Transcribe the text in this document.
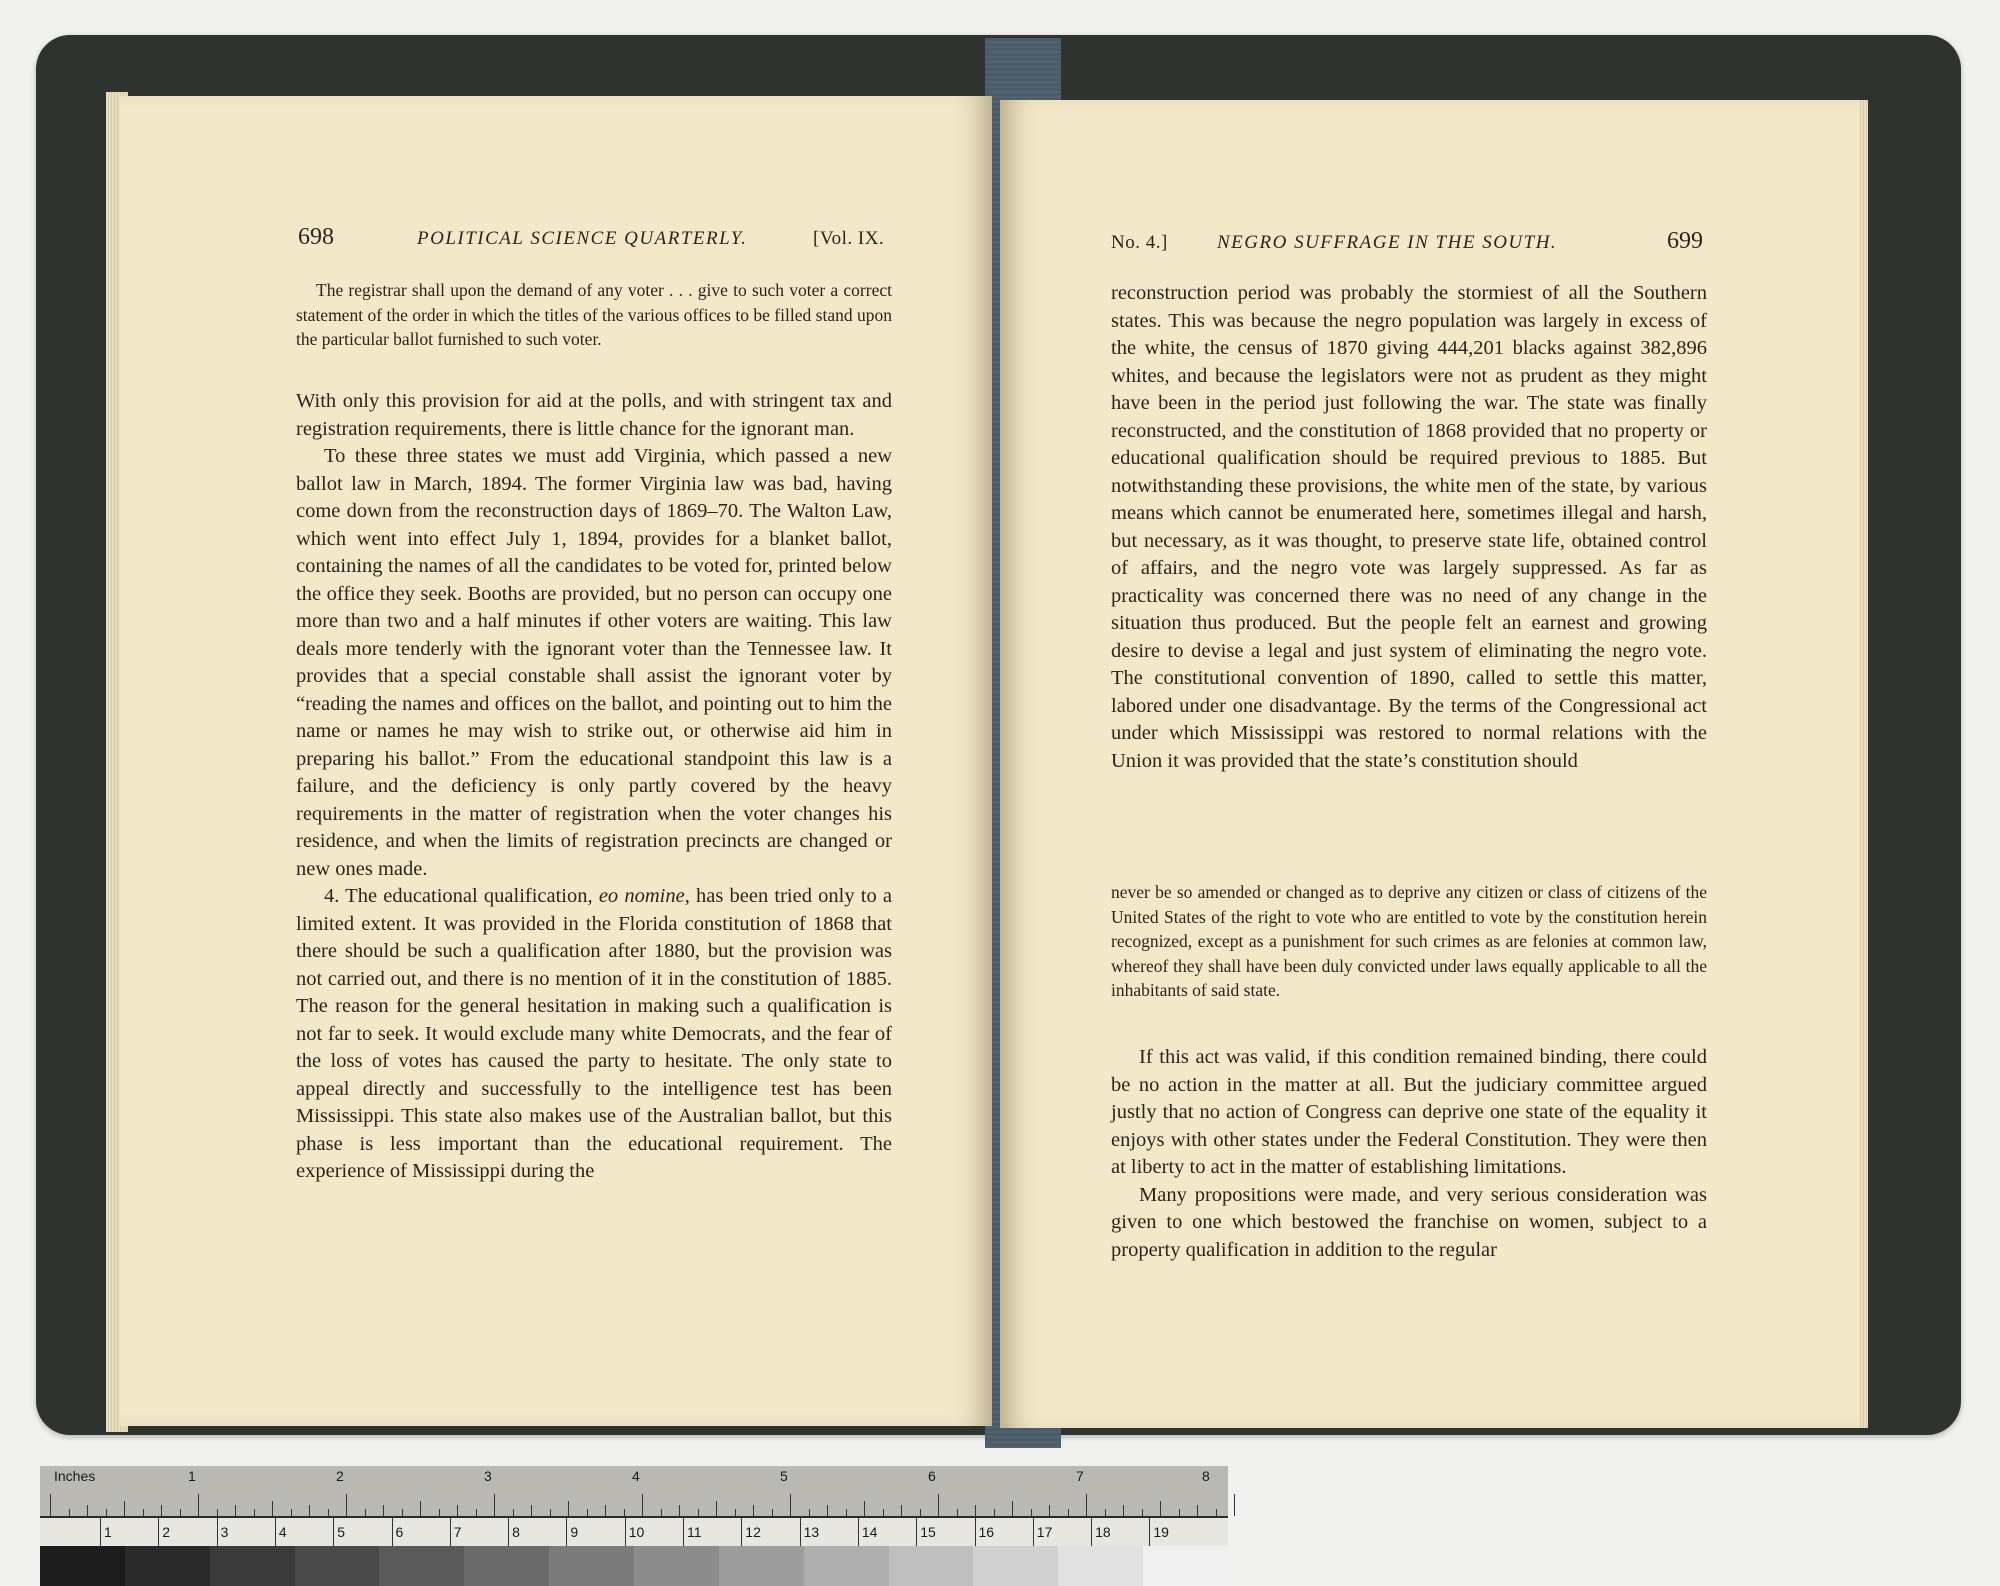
698	POLITICAL SCIENCE QUARTERLY.	[Vol. IX.

The registrar shall upon the demand of any voter . . . give to such voter a correct statement of the order in which the titles of the various offices to be filled stand upon the particular ballot furnished to such voter.

With only this provision for aid at the polls, and with stringent tax and registration requirements, there is little chance for the ignorant man.

To these three states we must add Virginia, which passed a new ballot law in March, 1894. The former Virginia law was bad, having come down from the reconstruction days of 1869–70. The Walton Law, which went into effect July 1, 1894, provides for a blanket ballot, containing the names of all the candidates to be voted for, printed below the office they seek. Booths are provided, but no person can occupy one more than two and a half minutes if other voters are waiting. This law deals more tenderly with the ignorant voter than the Tennessee law. It provides that a special constable shall assist the ignorant voter by “reading the names and offices on the ballot, and pointing out to him the name or names he may wish to strike out, or otherwise aid him in preparing his ballot.” From the educational standpoint this law is a failure, and the deficiency is only partly covered by the heavy requirements in the matter of registration when the voter changes his residence, and when the limits of registration precincts are changed or new ones made.

4. The educational qualification, eo nomine, has been tried only to a limited extent. It was provided in the Florida constitution of 1868 that there should be such a qualification after 1880, but the provision was not carried out, and there is no mention of it in the constitution of 1885. The reason for the general hesitation in making such a qualification is not far to seek. It would exclude many white Democrats, and the fear of the loss of votes has caused the party to hesitate. The only state to appeal directly and successfully to the intelligence test has been Mississippi. This state also makes use of the Australian ballot, but this phase is less important than the educational requirement. The experience of Mississippi during the

No. 4.]	NEGRO SUFFRAGE IN THE SOUTH.	699

reconstruction period was probably the stormiest of all the Southern states. This was because the negro population was largely in excess of the white, the census of 1870 giving 444,201 blacks against 382,896 whites, and because the legislators were not as prudent as they might have been in the period just following the war. The state was finally reconstructed, and the constitution of 1868 provided that no property or educational qualification should be required previous to 1885. But notwithstanding these provisions, the white men of the state, by various means which cannot be enumerated here, sometimes illegal and harsh, but necessary, as it was thought, to preserve state life, obtained control of affairs, and the negro vote was largely suppressed. As far as practicality was concerned there was no need of any change in the situation thus produced. But the people felt an earnest and growing desire to devise a legal and just system of eliminating the negro vote. The constitutional convention of 1890, called to settle this matter, labored under one disadvantage. By the terms of the Congressional act under which Mississippi was restored to normal relations with the Union it was provided that the state’s constitution should

never be so amended or changed as to deprive any citizen or class of citizens of the United States of the right to vote who are entitled to vote by the constitution herein recognized, except as a punishment for such crimes as are felonies at common law, whereof they shall have been duly convicted under laws equally applicable to all the inhabitants of said state.

If this act was valid, if this condition remained binding, there could be no action in the matter at all. But the judiciary committee argued justly that no action of Congress can deprive one state of the equality it enjoys with other states under the Federal Constitution. They were then at liberty to act in the matter of establishing limitations.

Many propositions were made, and very serious consideration was given to one which bestowed the franchise on women, subject to a property qualification in addition to the regular

Inches	1	2	3	4	5	6	7	8
1	2	3	4	5	6	7	8	9	10	11	12	13	14	15	16	17	18	19
